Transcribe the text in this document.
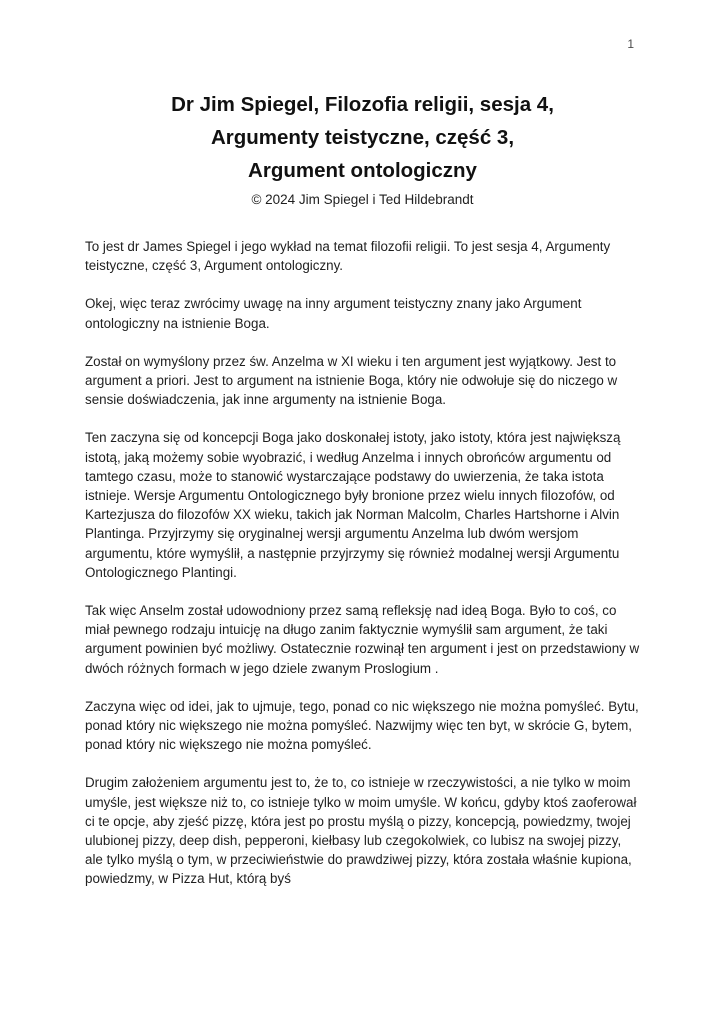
1
Dr Jim Spiegel, Filozofia religii, sesja 4,
Argumenty teistyczne, część 3,
Argument ontologiczny
© 2024 Jim Spiegel i Ted Hildebrandt

To jest dr James Spiegel i jego wykład na temat filozofii religii. To jest sesja 4, Argumenty teistyczne, część 3, Argument ontologiczny.

Okej, więc teraz zwrócimy uwagę na inny argument teistyczny znany jako Argument ontologiczny na istnienie Boga.

Został on wymyślony przez św. Anzelma w XI wieku i ten argument jest wyjątkowy. Jest to argument a priori. Jest to argument na istnienie Boga, który nie odwołuje się do niczego w sensie doświadczenia, jak inne argumenty na istnienie Boga.

Ten zaczyna się od koncepcji Boga jako doskonałej istoty, jako istoty, która jest największą istotą, jaką możemy sobie wyobrazić, i według Anzelma i innych obrońców argumentu od tamtego czasu, może to stanowić wystarczające podstawy do uwierzenia, że taka istota istnieje. Wersje Argumentu Ontologicznego były bronione przez wielu innych filozofów, od Kartezjusza do filozofów XX wieku, takich jak Norman Malcolm, Charles Hartshorne i Alvin Plantinga. Przyjrzymy się oryginalnej wersji argumentu Anzelma lub dwóm wersjom argumentu, które wymyślił, a następnie przyjrzymy się również modalnej wersji Argumentu Ontologicznego Plantingi.

Tak więc Anselm został udowodniony przez samą refleksję nad ideą Boga. Było to coś, co miał pewnego rodzaju intuicję na długo zanim faktycznie wymyślił sam argument, że taki argument powinien być możliwy. Ostatecznie rozwinął ten argument i jest on przedstawiony w dwóch różnych formach w jego dziele zwanym Proslogium .

Zaczyna więc od idei, jak to ujmuje, tego, ponad co nic większego nie można pomyśleć. Bytu, ponad który nic większego nie można pomyśleć. Nazwijmy więc ten byt, w skrócie G, bytem, ponad który nic większego nie można pomyśleć.

Drugim założeniem argumentu jest to, że to, co istnieje w rzeczywistości, a nie tylko w moim umyśle, jest większe niż to, co istnieje tylko w moim umyśle. W końcu, gdyby ktoś zaoferował ci te opcje, aby zjeść pizzę, która jest po prostu myślą o pizzy, koncepcją, powiedzmy, twojej ulubionej pizzy, deep dish, pepperoni, kiełbasy lub czegokolwiek, co lubisz na swojej pizzy, ale tylko myślą o tym, w przeciwieństwie do prawdziwej pizzy, która została właśnie kupiona, powiedzmy, w Pizza Hut, którą byś
